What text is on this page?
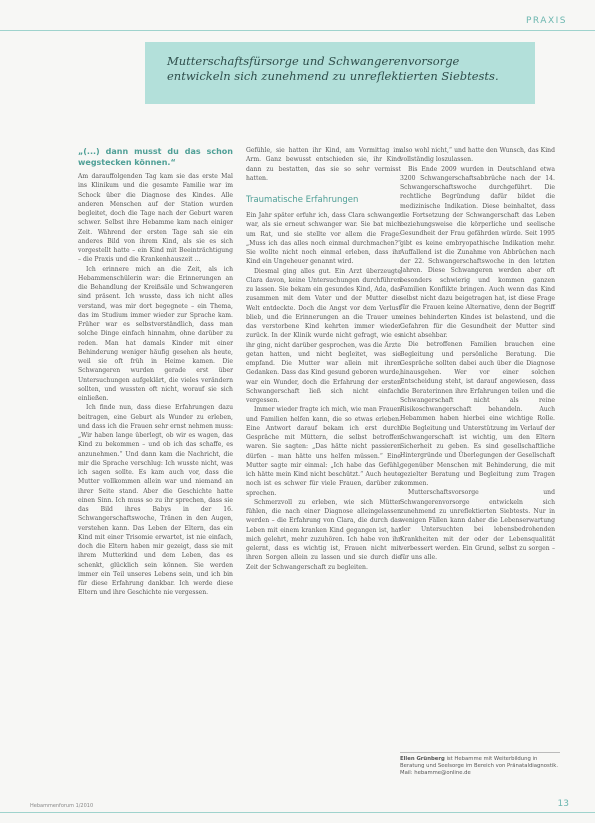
PRAXIS
Mutterschaftsfürsorge und Schwangerenvorsorge
entwickeln sich zunehmend zu unreflektierten Siebtests.
„(...) dann musst du das schon wegstecken können.“

Am darauffolgenden Tag kam sie das erste Mal ins Klinikum und die gesamte Familie war im Schock über die Diagnose des Kindes. Alle anderen Menschen auf der Station wurden begleitet, doch die Tage nach der Geburt waren schwer. Selbst ihre Hebamme kam nach einiger Zeit. Während der ersten Tage sah sie ein anderes Bild von ihrem Kind, als sie es sich vorgestellt hatte – ein Kind mit Beeinträchtigung – die Praxis und die Krankenhauszeit ...

Ich erinnere mich an die Zeit, als ich Hebammenschülerin war: die Erinnerungen an die Behandlung der Kreißsäle und Schwangeren sind präsent. Ich wusste, dass ich nicht alles verstand, was mir dort begegnete – ein Thema, das im Studium immer wieder zur Sprache kam. Früher war es selbstverständlich, dass man solche Dinge einfach hinnahm, ohne darüber zu reden. Man hat damals Kinder mit einer Behinderung weniger häufig gesehen als heute, weil sie oft früh in Heime kamen. Die Schwangeren wurden gerade erst über Untersuchungen aufgeklärt, die vieles verändern sollten, und wussten oft nicht, worauf sie sich einließen.

Ich finde nun, dass diese Erfahrungen dazu beitragen, eine Geburt als Wunder zu erleben, und dass ich die Frauen sehr ernst nehmen muss: „Wir haben lange überlegt, ob wir es wagen, das Kind zu bekommen – und ob ich das schaffe, es anzunehmen.“ Und dann kam die Nachricht, die mir die Sprache verschlug: Ich wusste nicht, was ich sagen sollte. Es kam auch vor, dass die Mutter vollkommen allein war und niemand an ihrer Seite stand. Aber die Geschichte hatte einen Sinn. Ich muss so zu ihr sprechen, dass sie das Bild ihres Babys in der 16. Schwangerschaftswoche, Tränen in den Augen, verstehen kann. Das Leben der Eltern, das ein Kind mit einer Trisomie erwartet, ist nie einfach, doch die Eltern haben mir gezeigt, dass sie mit ihrem Mutterkind und dem Leben, das es schenkt, glücklich sein können. Sie werden immer ein Teil unseres Lebens sein, und ich bin für diese Erfahrung dankbar. Ich werde diese Eltern und ihre Geschichte nie vergessen.

Gefühle, sie hatten ihr Kind, am Vormittag im Arm. Ganz bewusst entschieden sie, ihr Kind dann zu bestatten, das sie so sehr vermisst hatten.

Traumatische Erfahrungen

Ein Jahr später erfuhr ich, dass Clara schwanger war, als sie erneut schwanger war. Sie bat mich um Rat, und sie stellte vor allem die Frage: „Muss ich das alles noch einmal durchmachen?“ Sie wollte nicht noch einmal erleben, dass ihr Kind ein Ungeheuer genannt wird.

Diesmal ging alles gut. Ein Arzt überzeugte Clara davon, keine Untersuchungen durchführen zu lassen. Sie bekam ein gesundes Kind, Ada, das zusammen mit dem Vater und der Mutter die Welt entdeckte. Doch die Angst vor dem Verlust blieb, und die Erinnerungen an die Trauer um das verstorbene Kind kehrten immer wieder zurück. In der Klinik wurde nicht gefragt, wie es ihr ging, nicht darüber gesprochen, was die Ärzte getan hatten, und nicht begleitet, was sie empfand. Die Mutter war allein mit ihren Gedanken. Dass das Kind gesund geboren wurde, war ein Wunder, doch die Erfahrung der ersten Schwangerschaft ließ sich nicht einfach vergessen.

Immer wieder fragte ich mich, wie man Frauen und Familien helfen kann, die so etwas erleben. Eine Antwort darauf bekam ich erst durch Gespräche mit Müttern, die selbst betroffen waren. Sie sagten: „Das hätte nicht passieren dürfen – man hätte uns helfen müssen.“ Eine Mutter sagte mir einmal: „Ich habe das Gefühl, ich hätte mein Kind nicht beschützt.“ Auch heute noch ist es schwer für viele Frauen, darüber zu sprechen.

Schmerzvoll zu erleben, wie sich Mütter fühlen, die nach einer Diagnose alleingelassen werden – die Erfahrung von Clara, die durch das Leben mit einem kranken Kind gegangen ist, hat mich gelehrt, mehr zuzuhören. Ich habe von ihr gelernt, dass es wichtig ist, Frauen nicht mit ihren Sorgen allein zu lassen und sie durch die Zeit der Schwangerschaft zu begleiten.

also wohl nicht,“ und hatte den Wunsch, das Kind vollständig loszulassen.

Bis Ende 2009 wurden in Deutschland etwa 3200 Schwangerschaftsabbrüche nach der 14. Schwangerschaftswoche durchgeführt. Die rechtliche Begründung dafür bildet die medizinische Indikation. Diese beinhaltet, dass die Fortsetzung der Schwangerschaft das Leben beziehungsweise die körperliche und seelische Gesundheit der Frau gefährden würde. Seit 1995 gibt es keine embryopathische Indikation mehr. Auffallend ist die Zunahme von Abbrüchen nach der 22. Schwangerschaftswoche in den letzten Jahren. Diese Schwangeren werden aber oft besonders schwierig und kommen ganzen Familien Konflikte bringen. Auch wenn das Kind selbst nicht dazu beigetragen hat, ist diese Frage für die Frauen keine Alternative, denn der Begriff eines behinderten Kindes ist belastend, und die Gefahren für die Gesundheit der Mutter sind nicht absehbar.

Die betroffenen Familien brauchen eine Begleitung und persönliche Beratung. Die Gespräche sollten dabei auch über die Diagnose hinausgehen. Wer vor einer solchen Entscheidung steht, ist darauf angewiesen, dass die Beraterinnen ihre Erfahrungen teilen und die Schwangerschaft nicht als reine Risikoschwangerschaft behandeln. Auch Hebammen haben hierbei eine wichtige Rolle. Die Begleitung und Unterstützung im Verlauf der Schwangerschaft ist wichtig, um den Eltern Sicherheit zu geben. Es sind gesellschaftliche Hintergründe und Überlegungen der Gesellschaft gegenüber Menschen mit Behinderung, die mit gezielter Beratung und Begleitung zum Tragen kommen.

Mutterschaftsvorsorge und Schwangerenvorsorge entwickeln sich zunehmend zu unreflektierten Siebtests. Nur in wenigen Fällen kann daher die Lebenserwartung der Untersuchten bei lebensbedrohenden Krankheiten mit der oder der Lebensqualität verbessert werden. Ein Grund, selbst zu sorgen – für uns alle.

Ellen Grünberg ist Hebamme mit Weiterbildung in Beratung und Seelsorge im Bereich von Pränataldiagnostik.
Mail: hebamme@online.de
Hebammenforum 1/2010	13
